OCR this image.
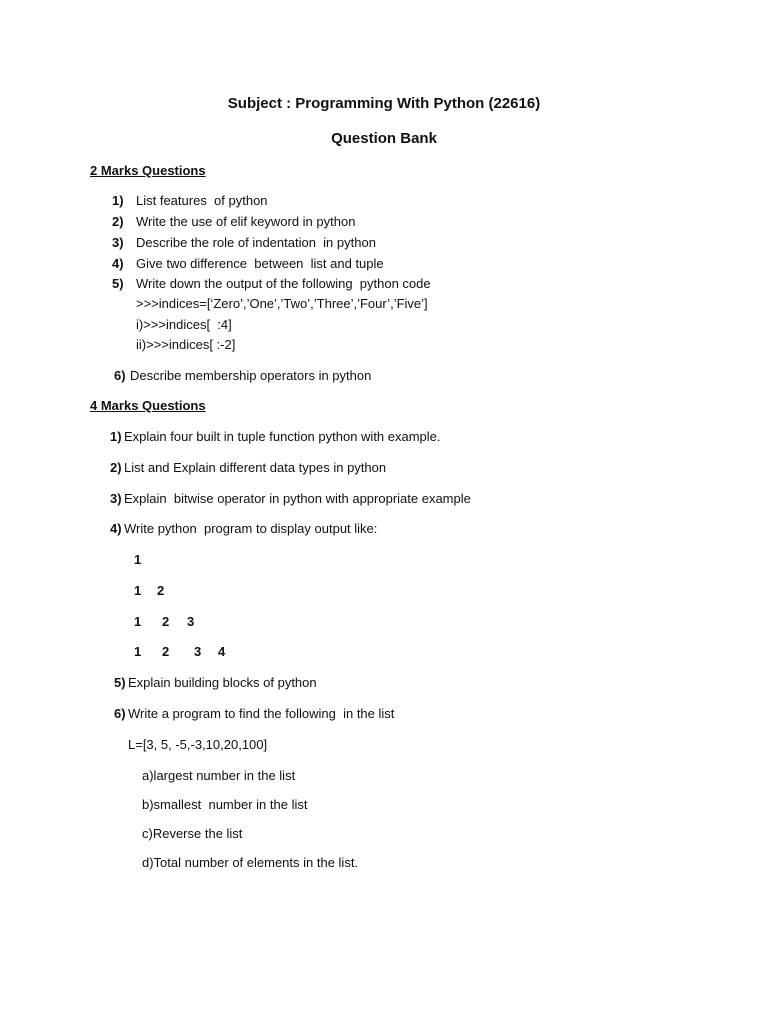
Subject : Programming With Python (22616)
Question Bank
2 Marks Questions
1) List features  of python
2) Write the use of elif keyword in python
3) Describe the role of indentation  in python
4) Give two difference  between  list and tuple
5) Write down the output of the following  python code
>>>indices=[‘Zero’,’One’,’Two’,’Three’,’Four’,’Five’]
i)>>>indices[  :4]
ii)>>>indices[ :-2]
6) Describe membership operators in python
4 Marks Questions
1) Explain four built in tuple function python with example.
2) List and Explain different data types in python
3) Explain  bitwise operator in python with appropriate example
4) Write python  program to display output like:
1
1 2
1 2 3
1 2 3 4
5) Explain building blocks of python
6) Write a program to find the following  in the list
L=[3, 5, -5,-3,10,20,100]
a)largest number in the list
b)smallest  number in the list
c)Reverse the list
d)Total number of elements in the list.
